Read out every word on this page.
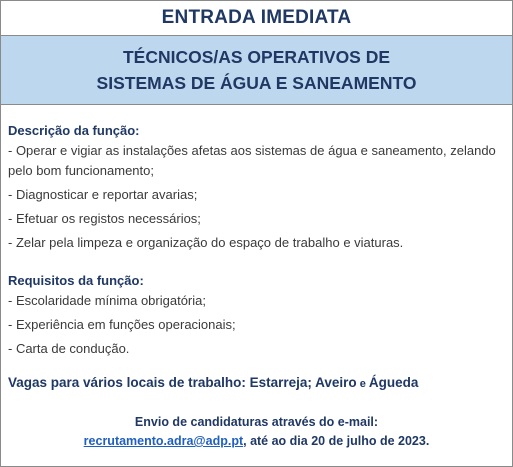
ENTRADA IMEDIATA
TÉCNICOS/AS OPERATIVOS DE
SISTEMAS DE ÁGUA E SANEAMENTO
Descrição da função:
- Operar e vigiar as instalações afetas aos sistemas de água e saneamento, zelando pelo bom funcionamento;
- Diagnosticar e reportar avarias;
- Efetuar os registos necessários;
- Zelar pela limpeza e organização do espaço de trabalho e viaturas.
Requisitos da função:
- Escolaridade mínima obrigatória;
- Experiência em funções operacionais;
- Carta de condução.
Vagas para vários locais de trabalho: Estarreja; Aveiro e Águeda
Envio de candidaturas através do e-mail:
recrutamento.adra@adp.pt, até ao dia 20 de julho de 2023.
